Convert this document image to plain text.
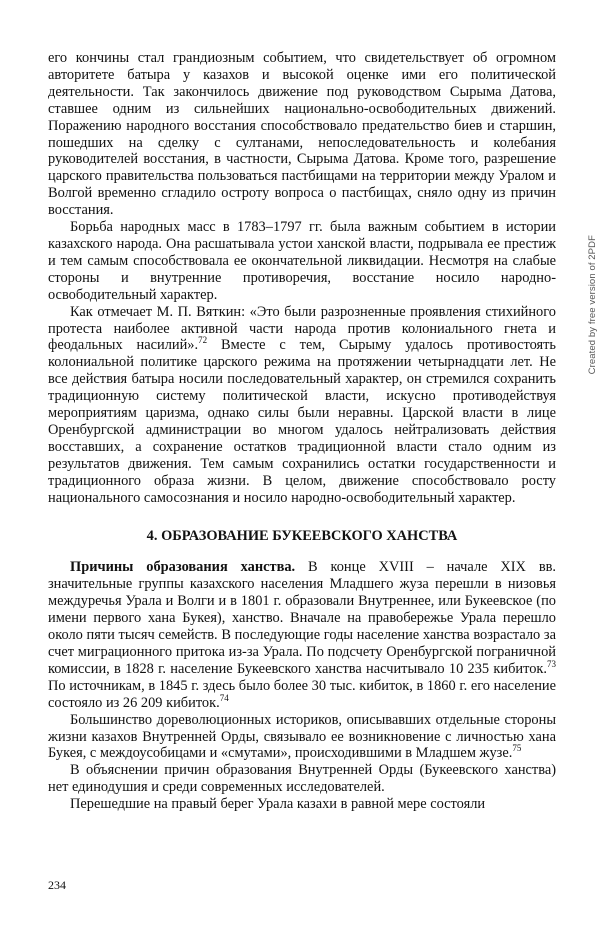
его кончины стал грандиозным событием, что свидетельствует об огромном авторитете батыра у казахов и высокой оценке ими его политической деятельности. Так закончилось движение под руководством Сырыма Датова, ставшее одним из сильнейших национально-освободительных движений. Поражению народного восстания способствовало предательство биев и старшин, пошедших на сделку с султанами, непоследовательность и колебания руководителей восстания, в частности, Сырыма Датова. Кроме того, разрешение царского правительства пользоваться пастбищами на территории между Уралом и Волгой временно сгладило остроту вопроса о пастбищах, сняло одну из причин восстания.

Борьба народных масс в 1783–1797 гг. была важным событием в истории казахского народа. Она расшатывала устои ханской власти, подрывала ее престиж и тем самым способствовала ее окончательной ликвидации. Несмотря на слабые стороны и внутренние противоречия, восстание носило народно-освободительный характер.

Как отмечает М. П. Вяткин: «Это были разрозненные проявления стихийного протеста наиболее активной части народа против колониального гнета и феодальных насилий».$^{72}$ Вместе с тем, Сырыму удалось противостоять колониальной политике царского режима на протяжении четырнадцати лет. Не все действия батыра носили последовательный характер, он стремился сохранить традиционную систему политической власти, искусно противодействуя мероприятиям царизма, однако силы были неравны. Царской власти в лице Оренбургской администрации во многом удалось нейтрализовать действия восставших, а сохранение остатков традиционной власти стало одним из результатов движения. Тем самым сохранились остатки государственности и традиционного образа жизни. В целом, движение способствовало росту национального самосознания и носило народно-освободительный характер.

4. ОБРАЗОВАНИЕ БУКЕЕВСКОГО ХАНСТВА

Причины образования ханства. В конце XVIII – начале XIX вв. значительные группы казахского населения Младшего жуза перешли в низовья междуречья Урала и Волги и в 1801 г. образовали Внутреннее, или Букеевское (по имени первого хана Букея), ханство. Вначале на правобережье Урала перешло около пяти тысяч семейств. В последующие годы население ханства возрастало за счет миграционного притока из-за Урала. По подсчету Оренбургской пограничной комиссии, в 1828 г. население Букеевского ханства насчитывало 10 235 кибиток.$^{73}$ По источникам, в 1845 г. здесь было более 30 тыс. кибиток, в 1860 г. его население состояло из 26 209 кибиток.$^{74}$

Большинство дореволюционных историков, описывавших отдельные стороны жизни казахов Внутренней Орды, связывало ее возникновение с личностью хана Букея, с междоусобицами и «смутами», происходившими в Младшем жузе.$^{75}$

В объяснении причин образования Внутренней Орды (Букеевского ханства) нет единодушия и среди современных исследователей.

Перешедшие на правый берег Урала казахи в равной мере состояли

234
Created by free version of 2PDF
